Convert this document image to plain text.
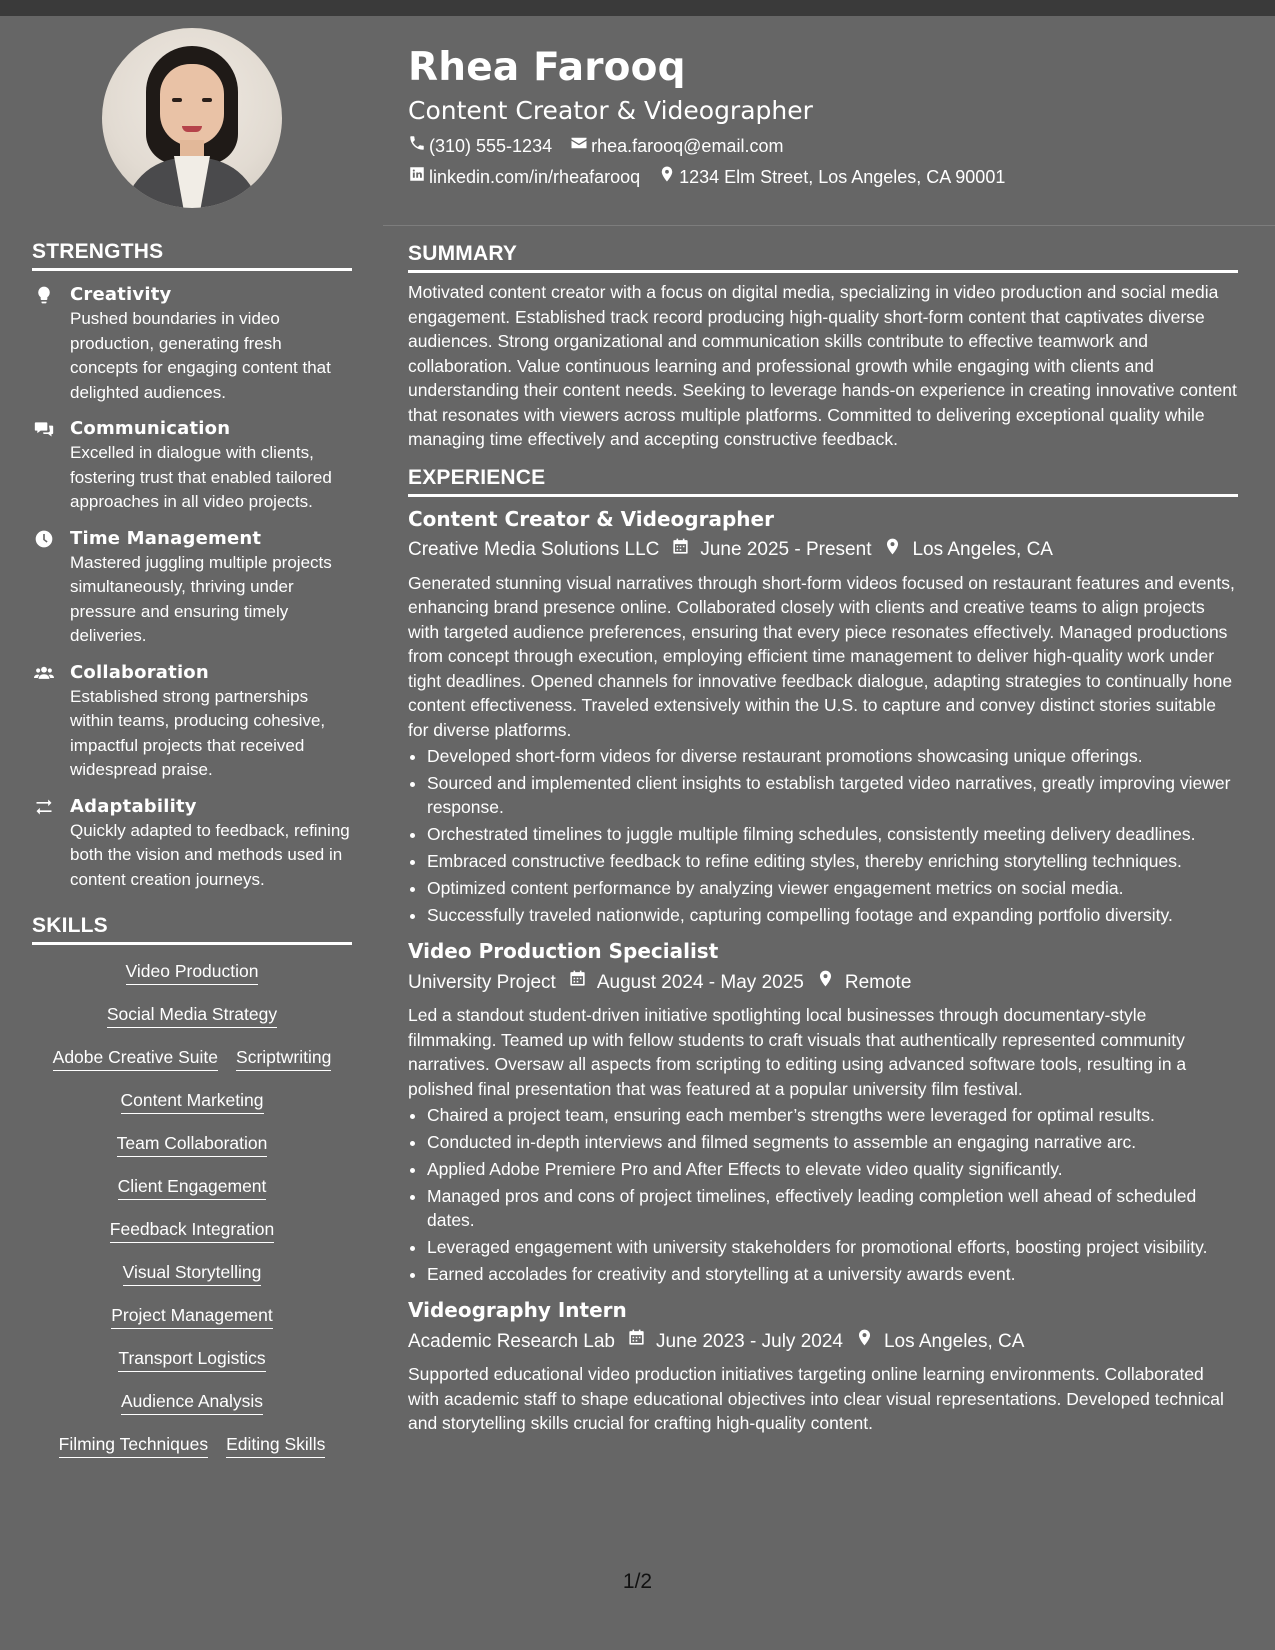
STRENGTHS
Creativity
Pushed boundaries in video production, generating fresh concepts for engaging content that delighted audiences.
Communication
Excelled in dialogue with clients, fostering trust that enabled tailored approaches in all video projects.
Time Management
Mastered juggling multiple projects simultaneously, thriving under pressure and ensuring timely deliveries.
Collaboration
Established strong partnerships within teams, producing cohesive, impactful projects that received widespread praise.
Adaptability
Quickly adapted to feedback, refining both the vision and methods used in content creation journeys.
SKILLS
Video Production
Social Media Strategy
Adobe Creative Suite Scriptwriting
Content Marketing
Team Collaboration
Client Engagement
Feedback Integration
Visual Storytelling
Project Management
Transport Logistics
Audience Analysis
Filming Techniques Editing Skills
Rhea Farooq
Content Creator & Videographer
(310) 555-1234 rhea.farooq@email.com
linkedin.com/in/rheafarooq 1234 Elm Street, Los Angeles, CA 90001
SUMMARY
Motivated content creator with a focus on digital media, specializing in video production and social media engagement. Established track record producing high-quality short-form content that captivates diverse audiences. Strong organizational and communication skills contribute to effective teamwork and collaboration. Value continuous learning and professional growth while engaging with clients and understanding their content needs. Seeking to leverage hands-on experience in creating innovative content that resonates with viewers across multiple platforms. Committed to delivering exceptional quality while managing time effectively and accepting constructive feedback.
EXPERIENCE
Content Creator & Videographer
Creative Media Solutions LLC June 2025 - Present Los Angeles, CA
Generated stunning visual narratives through short-form videos focused on restaurant features and events, enhancing brand presence online. Collaborated closely with clients and creative teams to align projects with targeted audience preferences, ensuring that every piece resonates effectively. Managed productions from concept through execution, employing efficient time management to deliver high-quality work under tight deadlines. Opened channels for innovative feedback dialogue, adapting strategies to continually hone content effectiveness. Traveled extensively within the U.S. to capture and convey distinct stories suitable for diverse platforms.
• Developed short-form videos for diverse restaurant promotions showcasing unique offerings.
• Sourced and implemented client insights to establish targeted video narratives, greatly improving viewer response.
• Orchestrated timelines to juggle multiple filming schedules, consistently meeting delivery deadlines.
• Embraced constructive feedback to refine editing styles, thereby enriching storytelling techniques.
• Optimized content performance by analyzing viewer engagement metrics on social media.
• Successfully traveled nationwide, capturing compelling footage and expanding portfolio diversity.
Video Production Specialist
University Project August 2024 - May 2025 Remote
Led a standout student-driven initiative spotlighting local businesses through documentary-style filmmaking. Teamed up with fellow students to craft visuals that authentically represented community narratives. Oversaw all aspects from scripting to editing using advanced software tools, resulting in a polished final presentation that was featured at a popular university film festival.
• Chaired a project team, ensuring each member’s strengths were leveraged for optimal results.
• Conducted in-depth interviews and filmed segments to assemble an engaging narrative arc.
• Applied Adobe Premiere Pro and After Effects to elevate video quality significantly.
• Managed pros and cons of project timelines, effectively leading completion well ahead of scheduled dates.
• Leveraged engagement with university stakeholders for promotional efforts, boosting project visibility.
• Earned accolades for creativity and storytelling at a university awards event.
Videography Intern
Academic Research Lab June 2023 - July 2024 Los Angeles, CA
Supported educational video production initiatives targeting online learning environments. Collaborated with academic staff to shape educational objectives into clear visual representations. Developed technical and storytelling skills crucial for crafting high-quality content.
1/2
